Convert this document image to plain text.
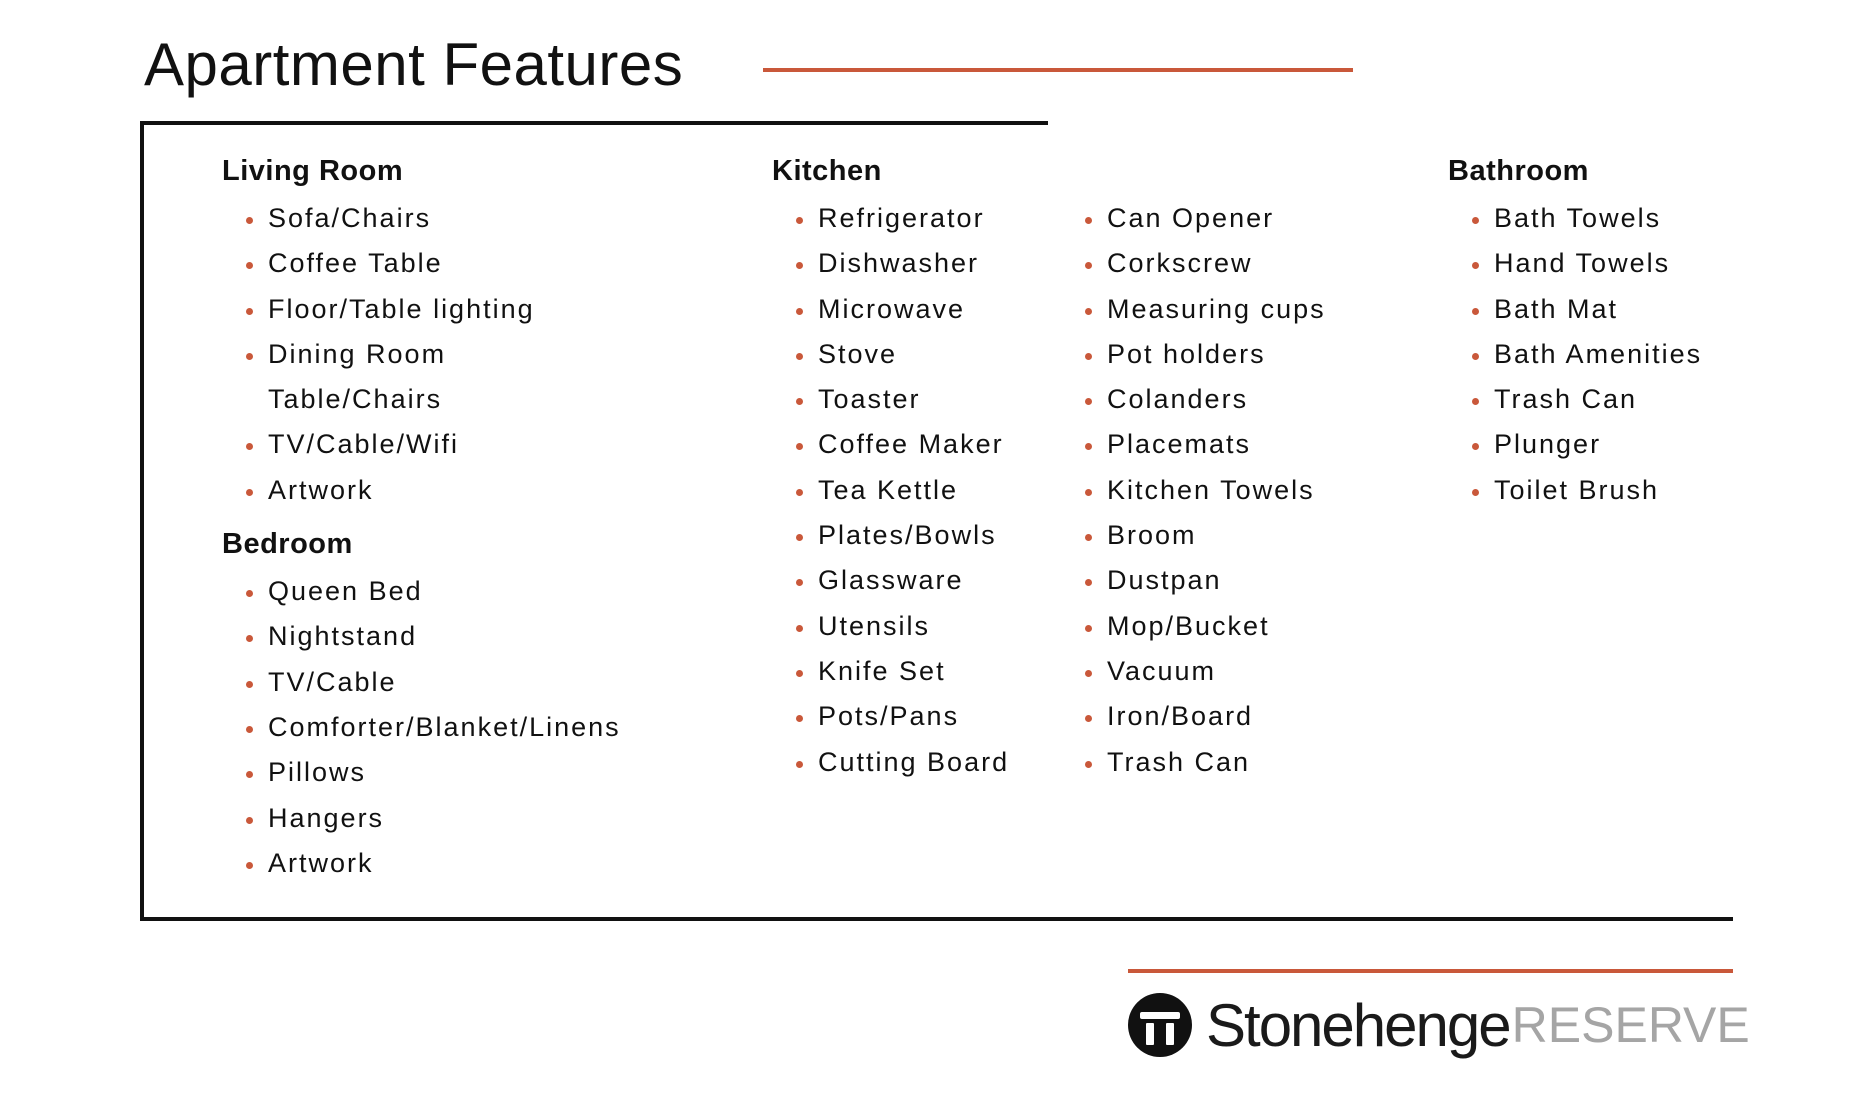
Apartment Features
Living Room
Sofa/Chairs
Coffee Table
Floor/Table lighting
Dining Room
Table/Chairs
TV/Cable/Wifi
Artwork
Bedroom
Queen Bed
Nightstand
TV/Cable
Comforter/Blanket/Linens
Pillows
Hangers
Artwork
Kitchen
Refrigerator
Dishwasher
Microwave
Stove
Toaster
Coffee Maker
Tea Kettle
Plates/Bowls
Glassware
Utensils
Knife Set
Pots/Pans
Cutting Board
Can Opener
Corkscrew
Measuring cups
Pot holders
Colanders
Placemats
Kitchen Towels
Broom
Dustpan
Mop/Bucket
Vacuum
Iron/Board
Trash Can
Bathroom
Bath Towels
Hand Towels
Bath Mat
Bath Amenities
Trash Can
Plunger
Toilet Brush
Stonehenge RESERVE
